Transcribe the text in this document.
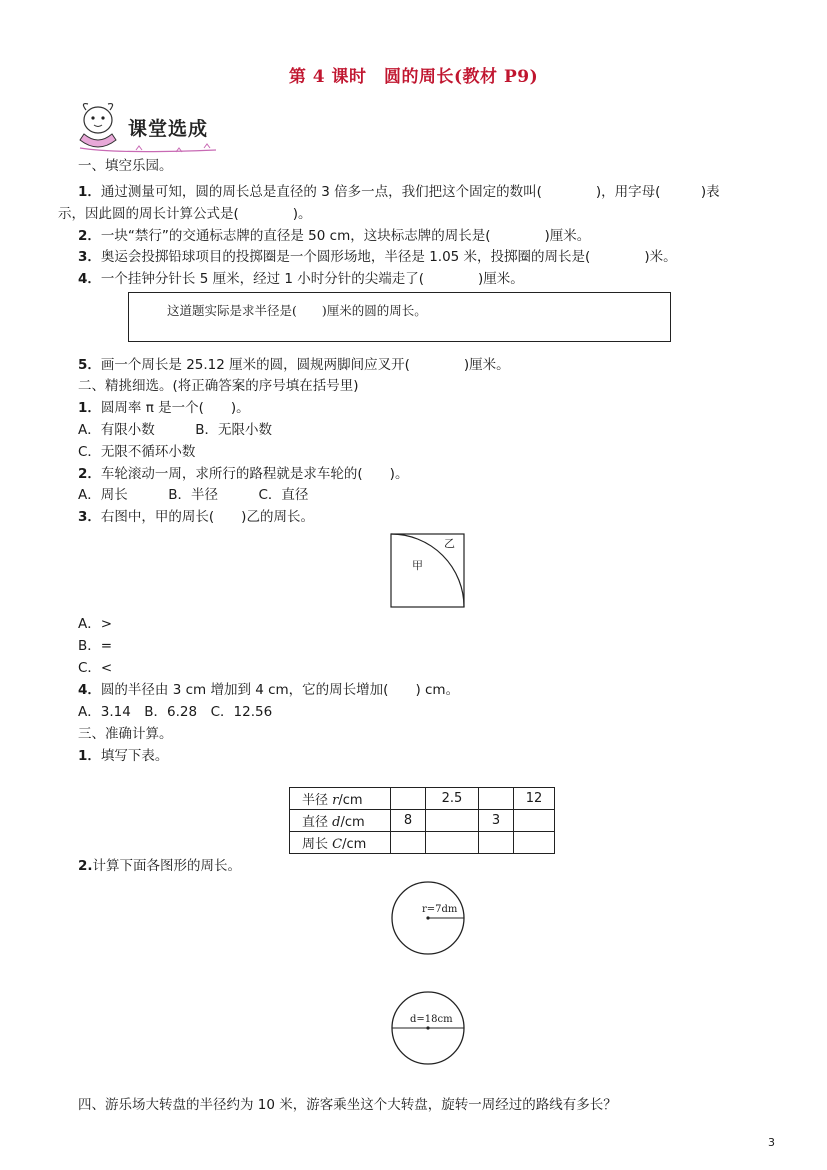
第 4 课时　圆的周长(教材 P9)
课堂选成
一、填空乐园。
1．通过测量可知，圆的周长总是直径的 3 倍多一点，我们把这个固定的数叫(　　　　)，用字母(　　　)表
示，因此圆的周长计算公式是(　　　　)。
2．一块“禁行”的交通标志牌的直径是 50 cm，这块标志牌的周长是(　　　　)厘米。
3．奥运会投掷铅球项目的投掷圈是一个圆形场地，半径是 1.05 米，投掷圈的周长是(　　　　)米。
4．一个挂钟分针长 5 厘米，经过 1 小时分针的尖端走了(　　　　)厘米。
这道题实际是求半径是(　　)厘米的圆的周长。
5．画一个周长是 25.12 厘米的圆，圆规两脚间应叉开(　　　　)厘米。
二、精挑细选。(将正确答案的序号填在括号里)
1．圆周率 π 是一个(　　)。
A．有限小数　　　B．无限小数
C．无限不循环小数
2．车轮滚动一周，求所行的路程就是求车轮的(　　)。
A．周长　　　B．半径　　　C．直径
3．右图中，甲的周长(　　)乙的周长。
乙
甲
A．>
B．=
C．<
4．圆的半径由 3 cm 增加到 4 cm，它的周长增加(　　) cm。
A．3.14　B．6.28　C．12.56
三、准确计算。
1．填写下表。
半径 r/cm		2.5		12
直径 d/cm	8		3	
周长 C/cm				
2.计算下面各图形的周长。
r=7dm
d=18cm
四、游乐场大转盘的半径约为 10 米，游客乘坐这个大转盘，旋转一周经过的路线有多长？
3
